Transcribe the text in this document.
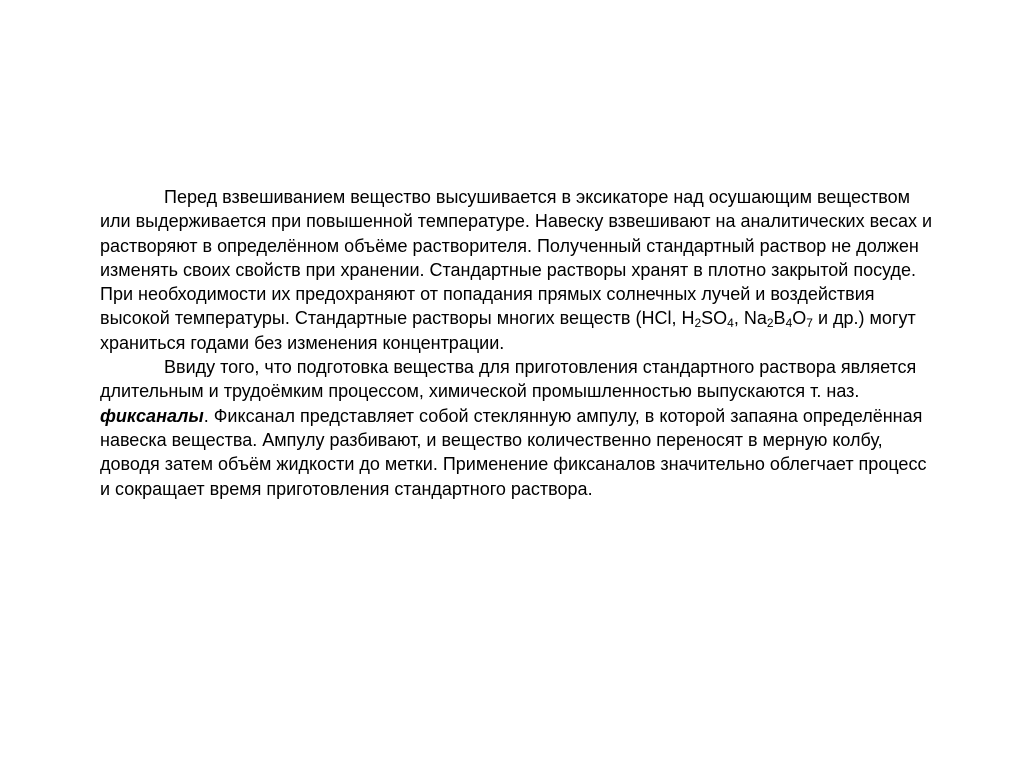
Перед взвешиванием вещество высушивается в эксикаторе над осушающим веществом или выдерживается при повышенной температуре. Навеску взвешивают на аналитических весах и растворяют в определённом объёме растворителя. Полученный стандартный раствор не должен изменять своих свойств при хранении. Стандартные растворы хранят в плотно закрытой посуде. При необходимости их предохраняют от попадания прямых солнечных лучей и воздействия высокой температуры. Стандартные растворы многих веществ (HCl, $H_2SO_4$, $Na_2B_4O_7$ и др.) могут храниться годами без изменения концентрации.

Ввиду того, что подготовка вещества для приготовления стандартного раствора является длительным и трудоёмким процессом, химической промышленностью выпускаются т. наз. фиксаналы. Фиксанал представляет собой стеклянную ампулу, в которой запаяна определённая навеска вещества. Ампулу разбивают, и вещество количественно переносят в мерную колбу, доводя затем объём жидкости до метки. Применение фиксаналов значительно облегчает процесс и сокращает время приготовления стандартного раствора.
